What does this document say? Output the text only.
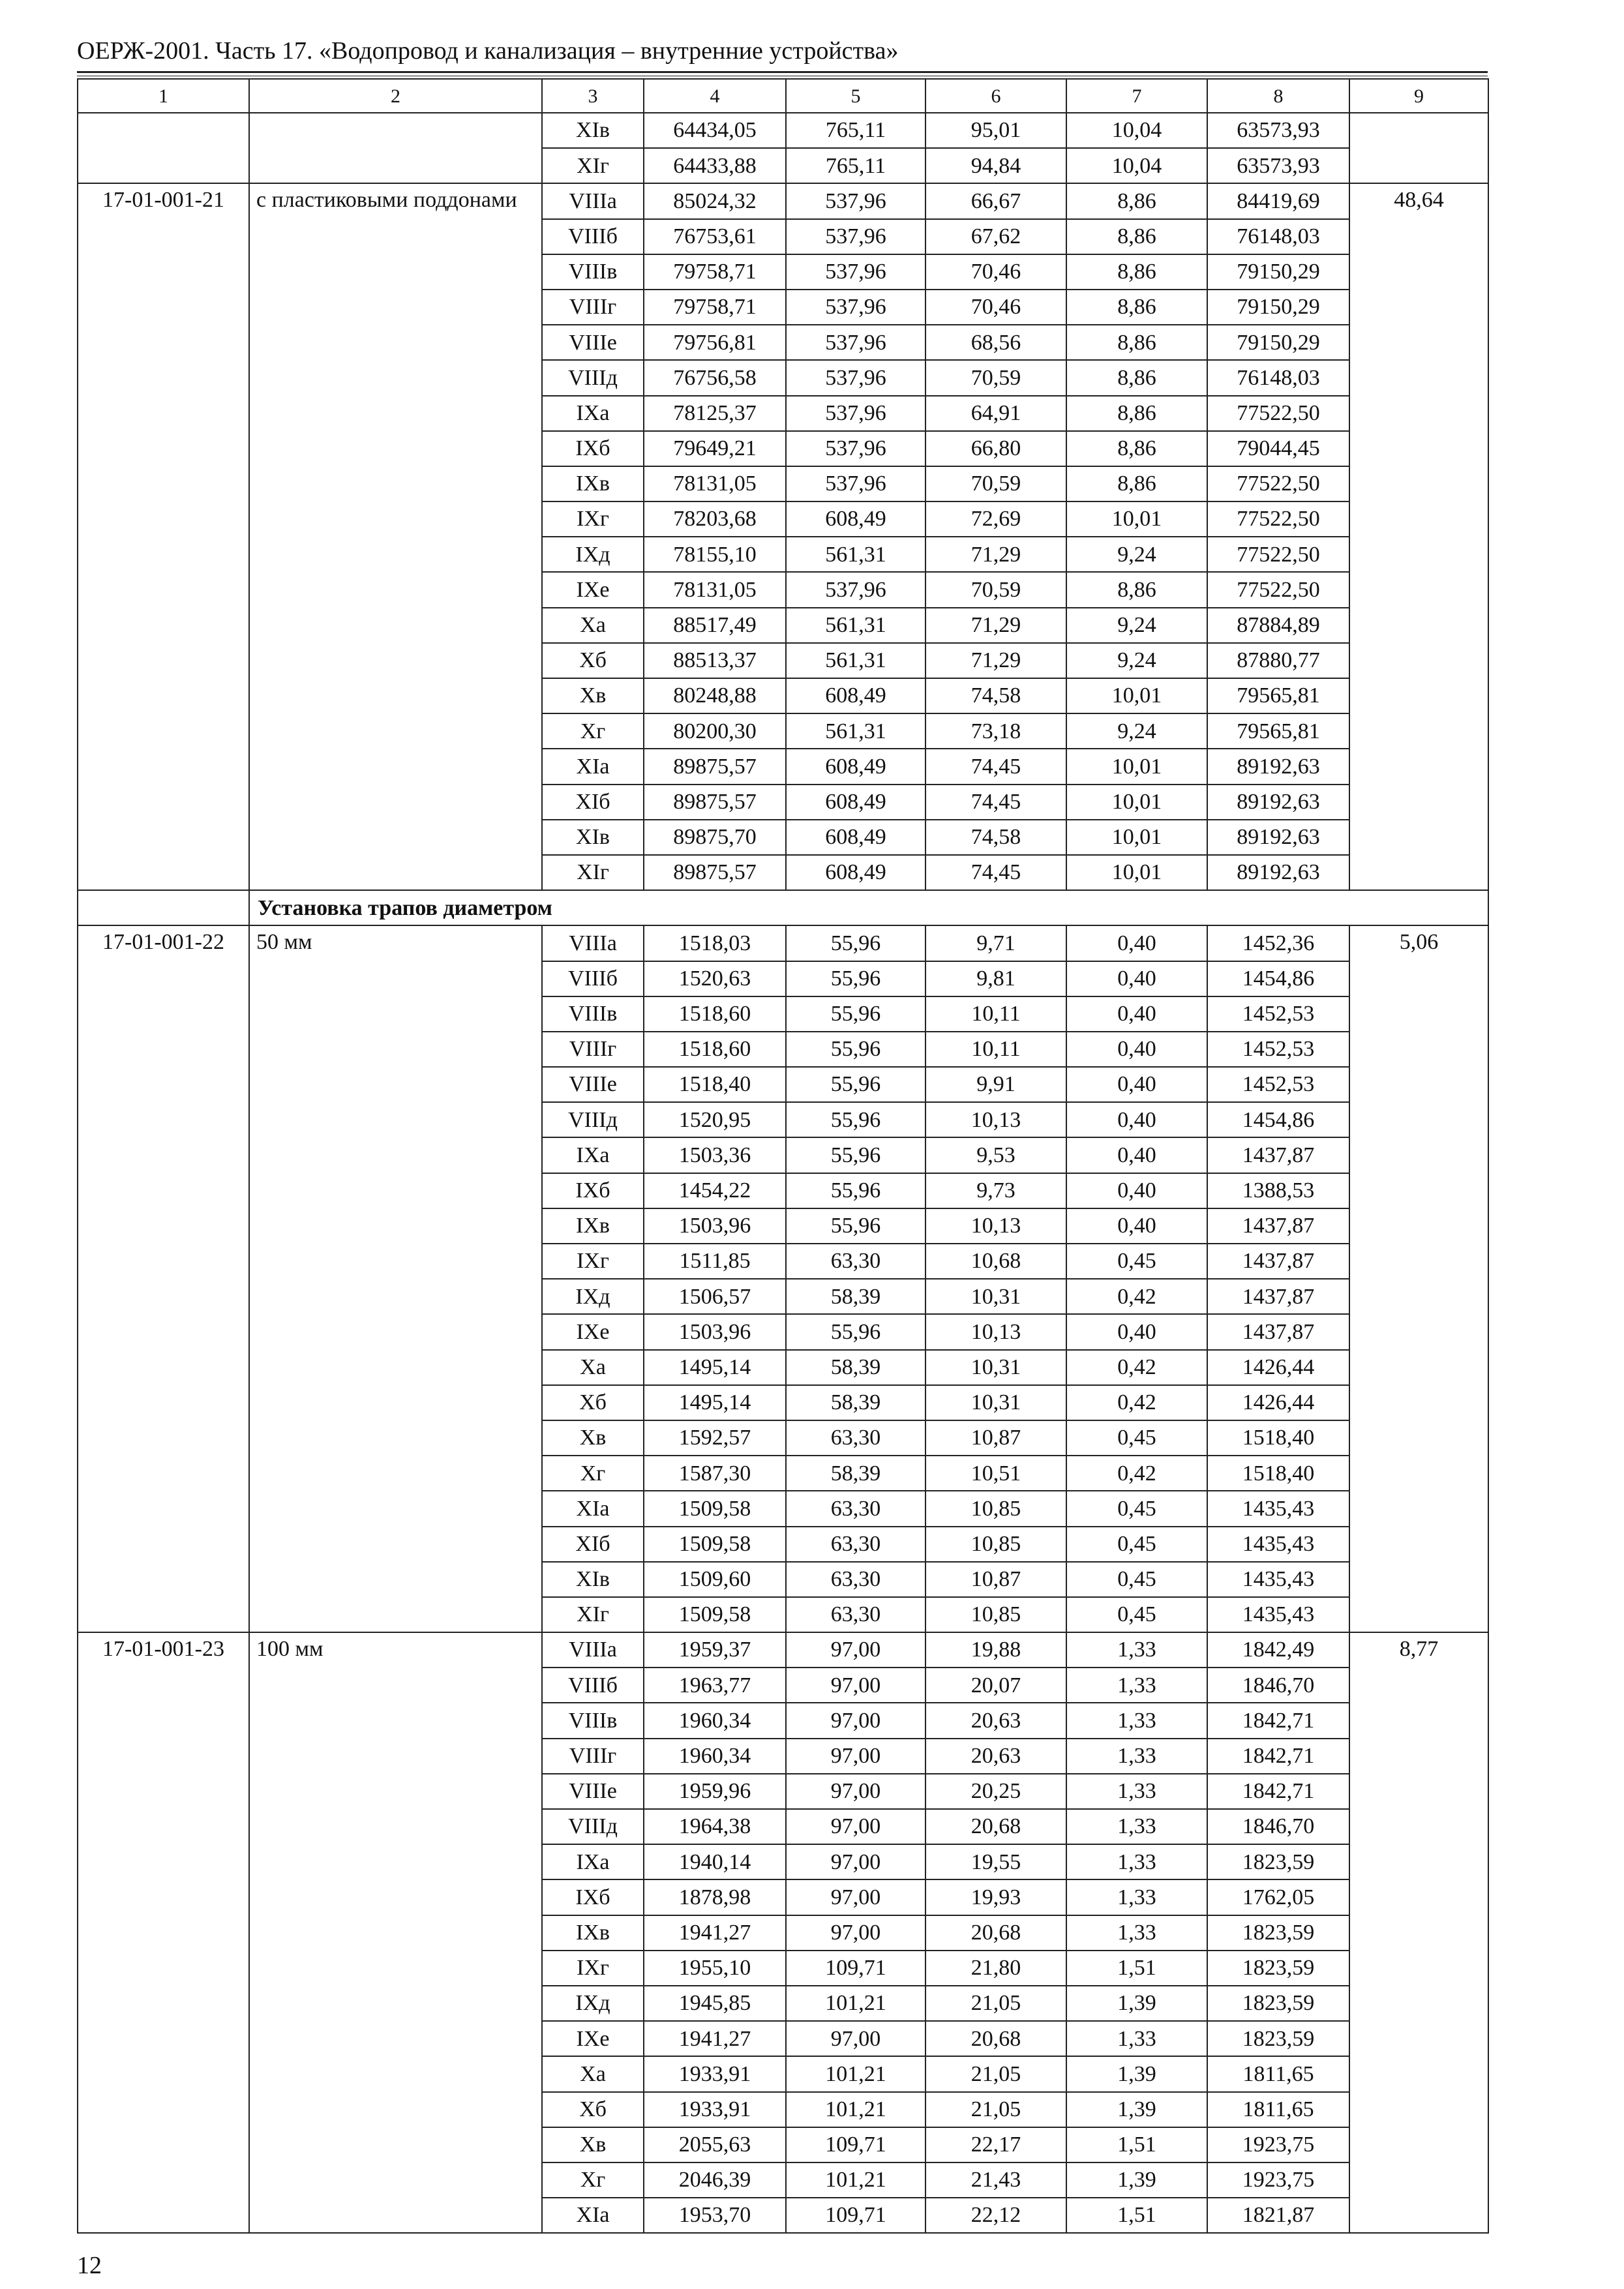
ОЕРЖ-2001. Часть 17. «Водопровод и канализация – внутренние устройства»
1	2	3	4	5	6	7	8	9
		XIв	64434,05	765,11	95,01	10,04	63573,93	
		XIг	64433,88	765,11	94,84	10,04	63573,93	
17-01-001-21	с пластиковыми поддонами	VIIIа	85024,32	537,96	66,67	8,86	84419,69	48,64
		VIIIб	76753,61	537,96	67,62	8,86	76148,03	
		VIIIв	79758,71	537,96	70,46	8,86	79150,29	
		VIIIг	79758,71	537,96	70,46	8,86	79150,29	
		VIIIе	79756,81	537,96	68,56	8,86	79150,29	
		VIIIд	76756,58	537,96	70,59	8,86	76148,03	
		IXа	78125,37	537,96	64,91	8,86	77522,50	
		IXб	79649,21	537,96	66,80	8,86	79044,45	
		IXв	78131,05	537,96	70,59	8,86	77522,50	
		IXг	78203,68	608,49	72,69	10,01	77522,50	
		IXд	78155,10	561,31	71,29	9,24	77522,50	
		IXе	78131,05	537,96	70,59	8,86	77522,50	
		Xа	88517,49	561,31	71,29	9,24	87884,89	
		Xб	88513,37	561,31	71,29	9,24	87880,77	
		Xв	80248,88	608,49	74,58	10,01	79565,81	
		Xг	80200,30	561,31	73,18	9,24	79565,81	
		XIа	89875,57	608,49	74,45	10,01	89192,63	
		XIб	89875,57	608,49	74,45	10,01	89192,63	
		XIв	89875,70	608,49	74,58	10,01	89192,63	
		XIг	89875,57	608,49	74,45	10,01	89192,63	
	Установка трапов диаметром							
17-01-001-22	50 мм	VIIIа	1518,03	55,96	9,71	0,40	1452,36	5,06
		VIIIб	1520,63	55,96	9,81	0,40	1454,86	
		VIIIв	1518,60	55,96	10,11	0,40	1452,53	
		VIIIг	1518,60	55,96	10,11	0,40	1452,53	
		VIIIе	1518,40	55,96	9,91	0,40	1452,53	
		VIIIд	1520,95	55,96	10,13	0,40	1454,86	
		IXа	1503,36	55,96	9,53	0,40	1437,87	
		IXб	1454,22	55,96	9,73	0,40	1388,53	
		IXв	1503,96	55,96	10,13	0,40	1437,87	
		IXг	1511,85	63,30	10,68	0,45	1437,87	
		IXд	1506,57	58,39	10,31	0,42	1437,87	
		IXе	1503,96	55,96	10,13	0,40	1437,87	
		Xа	1495,14	58,39	10,31	0,42	1426,44	
		Xб	1495,14	58,39	10,31	0,42	1426,44	
		Xв	1592,57	63,30	10,87	0,45	1518,40	
		Xг	1587,30	58,39	10,51	0,42	1518,40	
		XIа	1509,58	63,30	10,85	0,45	1435,43	
		XIб	1509,58	63,30	10,85	0,45	1435,43	
		XIв	1509,60	63,30	10,87	0,45	1435,43	
		XIг	1509,58	63,30	10,85	0,45	1435,43	
17-01-001-23	100 мм	VIIIа	1959,37	97,00	19,88	1,33	1842,49	8,77
		VIIIб	1963,77	97,00	20,07	1,33	1846,70	
		VIIIв	1960,34	97,00	20,63	1,33	1842,71	
		VIIIг	1960,34	97,00	20,63	1,33	1842,71	
		VIIIе	1959,96	97,00	20,25	1,33	1842,71	
		VIIIд	1964,38	97,00	20,68	1,33	1846,70	
		IXа	1940,14	97,00	19,55	1,33	1823,59	
		IXб	1878,98	97,00	19,93	1,33	1762,05	
		IXв	1941,27	97,00	20,68	1,33	1823,59	
		IXг	1955,10	109,71	21,80	1,51	1823,59	
		IXд	1945,85	101,21	21,05	1,39	1823,59	
		IXе	1941,27	97,00	20,68	1,33	1823,59	
		Xа	1933,91	101,21	21,05	1,39	1811,65	
		Xб	1933,91	101,21	21,05	1,39	1811,65	
		Xв	2055,63	109,71	22,17	1,51	1923,75	
		Xг	2046,39	101,21	21,43	1,39	1923,75	
		XIа	1953,70	109,71	22,12	1,51	1821,87	
12
